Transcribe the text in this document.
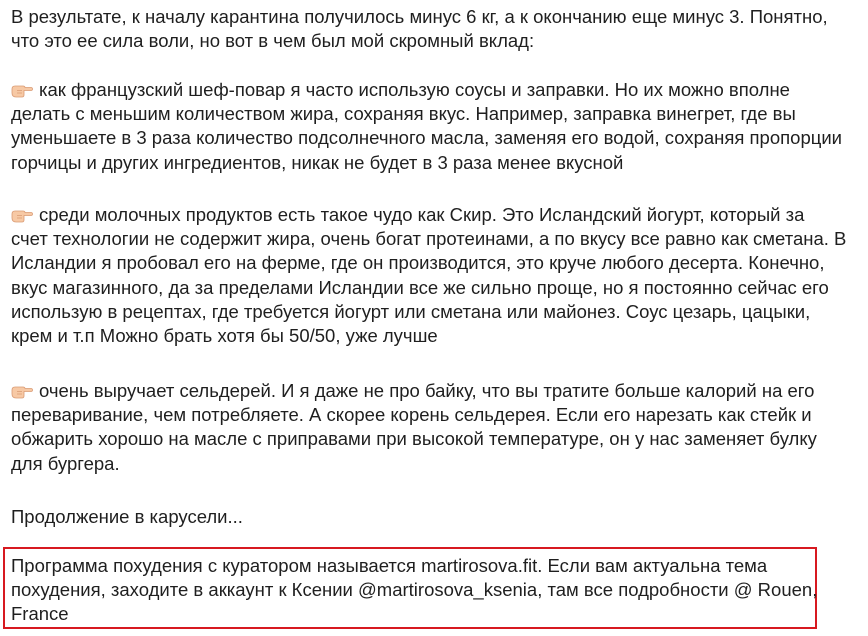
В результате, к началу карантина получилось минус 6 кг, а к окончанию еще минус 3. Понятно,
что это ее сила воли, но вот в чем был мой скромный вклад:
как французский шеф-повар я часто использую соусы и заправки. Но их можно вполне
делать с меньшим количеством жира, сохраняя вкус. Например, заправка винегрет, где вы
уменьшаете в 3 раза количество подсолнечного масла, заменяя его водой, сохраняя пропорции
горчицы и других ингредиентов, никак не будет в 3 раза менее вкусной
среди молочных продуктов есть такое чудо как Скир. Это Исландский йогурт, который за
счет технологии не содержит жира, очень богат протеинами, а по вкусу все равно как сметана. В
Исландии я пробовал его на ферме, где он производится, это круче любого десерта. Конечно,
вкус магазинного, да за пределами Исландии все же сильно проще, но я постоянно сейчас его
использую в рецептах, где требуется йогурт или сметана или майонез. Соус цезарь, цацыки,
крем и т.п Можно брать хотя бы 50/50, уже лучше
очень выручает сельдерей. И я даже не про байку, что вы тратите больше калорий на его
переваривание, чем потребляете. А скорее корень сельдерея. Если его нарезать как стейк и
обжарить хорошо на масле с приправами при высокой температуре, он у нас заменяет булку
для бургера.
Продолжение в карусели...
Программа похудения с куратором называется martirosova.fit. Если вам актуальна тема
похудения, заходите в аккаунт к Ксении @martirosova_ksenia, там все подробности @ Rouen,
France
